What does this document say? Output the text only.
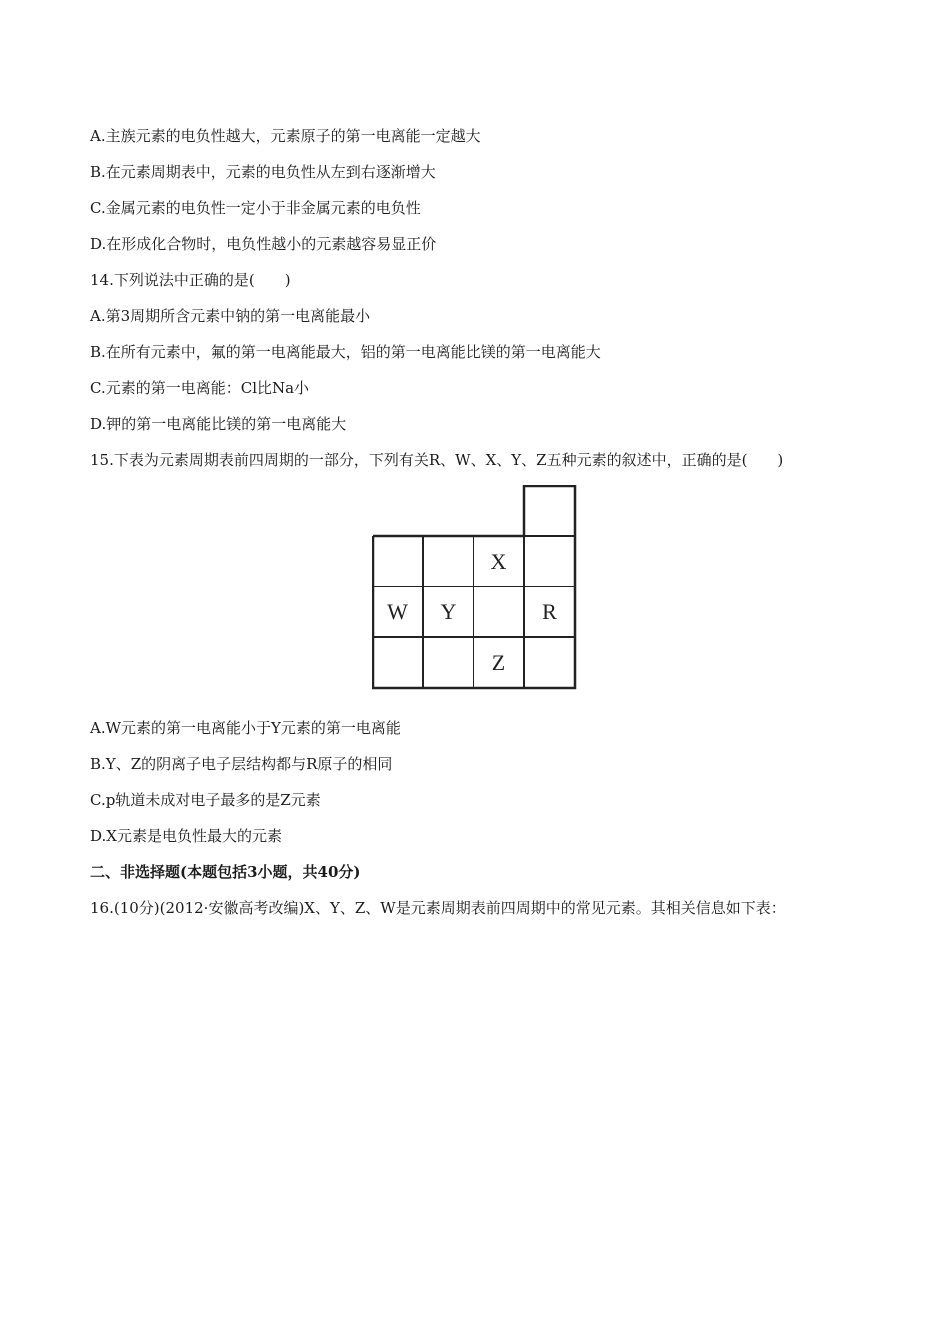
A.主族元素的电负性越大，元素原子的第一电离能一定越大
B.在元素周期表中，元素的电负性从左到右逐渐增大
C.金属元素的电负性一定小于非金属元素的电负性
D.在形成化合物时，电负性越小的元素越容易显正价
14.下列说法中正确的是(　　)
A.第3周期所含元素中钠的第一电离能最小
B.在所有元素中，氟的第一电离能最大，铝的第一电离能比镁的第一电离能大
C.元素的第一电离能：Cl比Na小
D.钾的第一电离能比镁的第一电离能大
15.下表为元素周期表前四周期的一部分，下列有关R、W、X、Y、Z五种元素的叙述中，正确的是(　　)
X
W	Y	R
Z
A.W元素的第一电离能小于Y元素的第一电离能
B.Y、Z的阴离子电子层结构都与R原子的相同
C.p轨道未成对电子最多的是Z元素
D.X元素是电负性最大的元素
二、非选择题(本题包括3小题，共40分)
16.(10分)(2012·安徽高考改编)X、Y、Z、W是元素周期表前四周期中的常见元素。其相关信息如下表：
